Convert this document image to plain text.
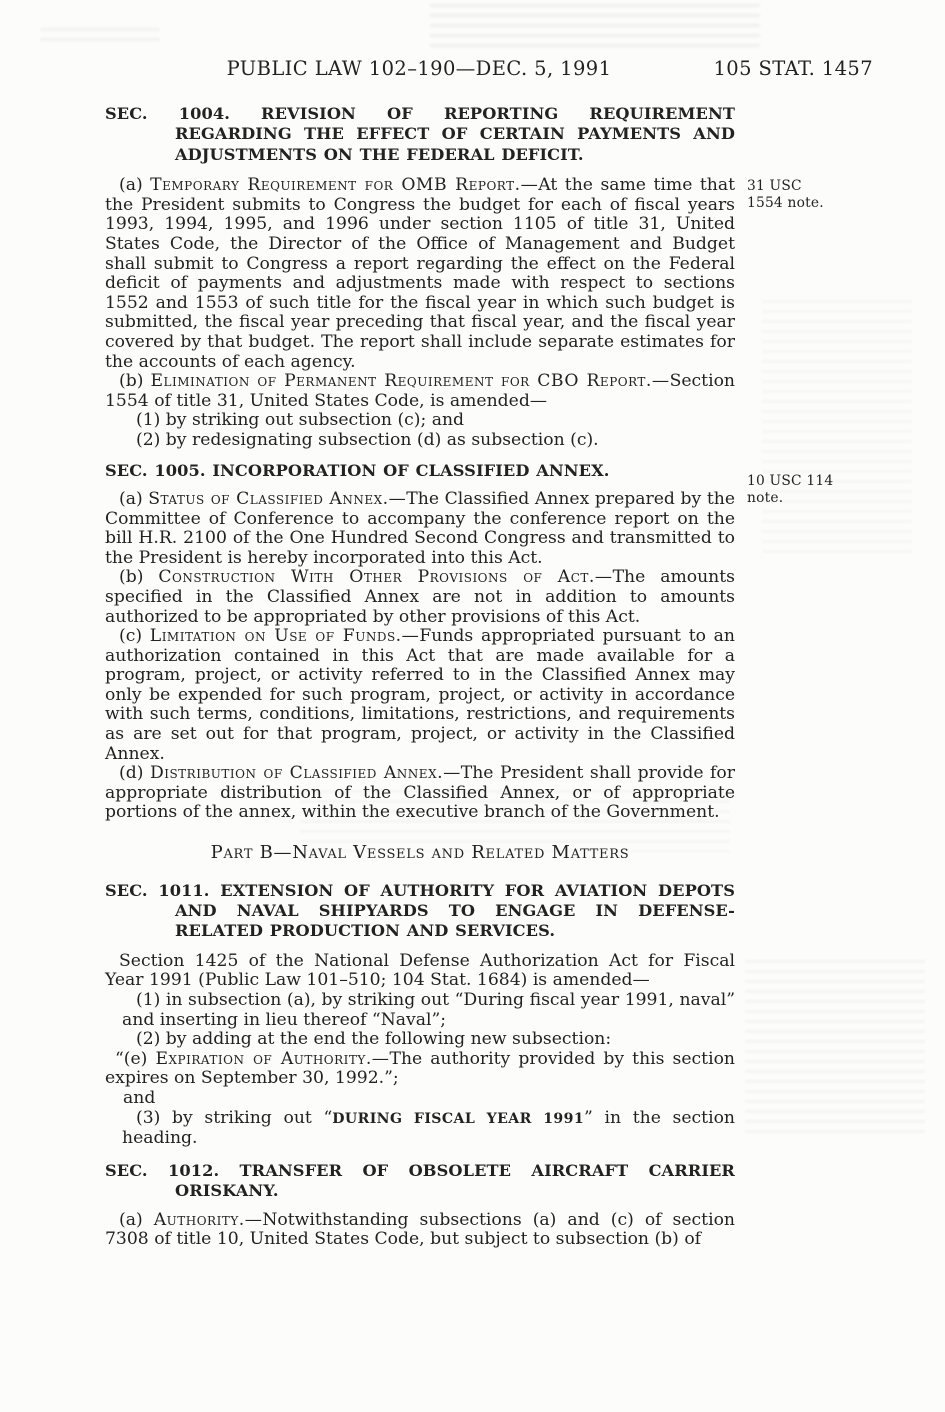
PUBLIC LAW 102–190—DEC. 5, 1991	105 STAT. 1457
SEC. 1004. REVISION OF REPORTING REQUIREMENT REGARDING THE EFFECT OF CERTAIN PAYMENTS AND ADJUSTMENTS ON THE FEDERAL DEFICIT.

(a) Temporary Requirement for OMB Report.—At the same time that the President submits to Congress the budget for each of fiscal years 1993, 1994, 1995, and 1996 under section 1105 of title 31, United States Code, the Director of the Office of Management and Budget shall submit to Congress a report regarding the effect on the Federal deficit of payments and adjustments made with respect to sections 1552 and 1553 of such title for the fiscal year in which such budget is submitted, the fiscal year preceding that fiscal year, and the fiscal year covered by that budget. The report shall include separate estimates for the accounts of each agency.

31 USC 1554 note.

(b) Elimination of Permanent Requirement for CBO Report.—Section 1554 of title 31, United States Code, is amended—

(1) by striking out subsection (c); and
(2) by redesignating subsection (d) as subsection (c).
SEC. 1005. INCORPORATION OF CLASSIFIED ANNEX.
10 USC 114 note.

(a) Status of Classified Annex.—The Classified Annex prepared by the Committee of Conference to accompany the conference report on the bill H.R. 2100 of the One Hundred Second Congress and transmitted to the President is hereby incorporated into this Act.

(b) Construction With Other Provisions of Act.—The amounts specified in the Classified Annex are not in addition to amounts authorized to be appropriated by other provisions of this Act.

(c) Limitation on Use of Funds.—Funds appropriated pursuant to an authorization contained in this Act that are made available for a program, project, or activity referred to in the Classified Annex may only be expended for such program, project, or activity in accordance with such terms, conditions, limitations, restrictions, and requirements as are set out for that program, project, or activity in the Classified Annex.

(d) Distribution of Classified Annex.—The President shall provide for appropriate distribution of the Classified Annex, or of appropriate portions of the annex, within the executive branch of the Government.

Part B—Naval Vessels and Related Matters
SEC. 1011. EXTENSION OF AUTHORITY FOR AVIATION DEPOTS AND NAVAL SHIPYARDS TO ENGAGE IN DEFENSE-RELATED PRODUCTION AND SERVICES.

Section 1425 of the National Defense Authorization Act for Fiscal Year 1991 (Public Law 101–510; 104 Stat. 1684) is amended—

(1) in subsection (a), by striking out “During fiscal year 1991, naval” and inserting in lieu thereof “Naval”;
(2) by adding at the end the following new subsection:

“(e) Expiration of Authority.—The authority provided by this section expires on September 30, 1992.”;

and
(3) by striking out “DURING FISCAL YEAR 1991” in the section heading.
SEC. 1012. TRANSFER OF OBSOLETE AIRCRAFT CARRIER ORISKANY.

(a) Authority.—Notwithstanding subsections (a) and (c) of section 7308 of title 10, United States Code, but subject to subsection (b) of
